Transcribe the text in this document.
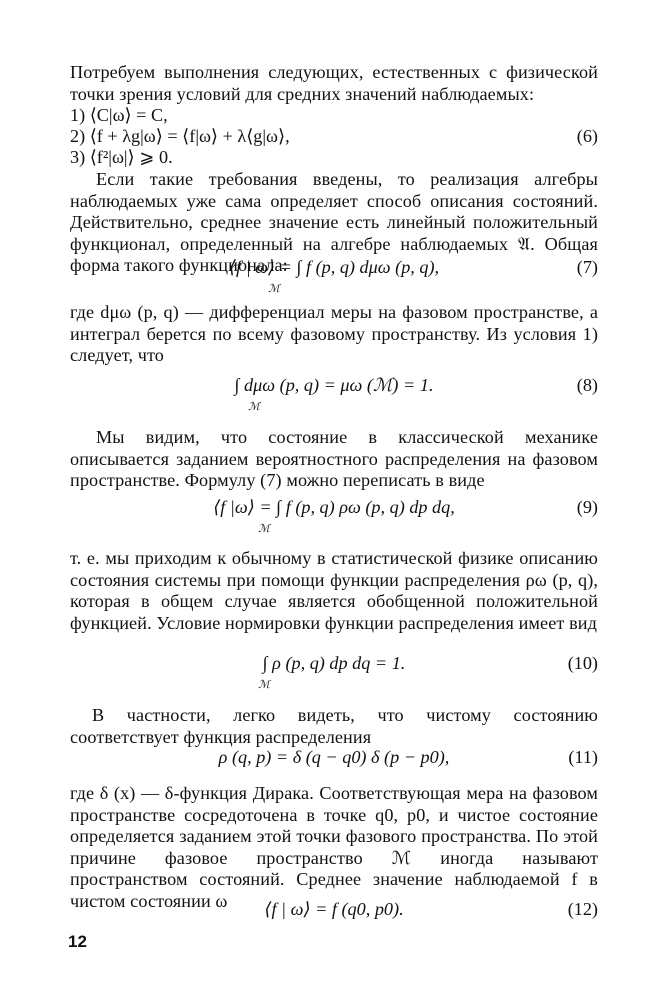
Потребуем выполнения следующих, естественных с физической точки зрения условий для средних значений наблюдаемых:
1) ⟨C|ω⟩ = C,
2) ⟨f + λg|ω⟩ = ⟨f|ω⟩ + λ⟨g|ω⟩,	(6)
3) ⟨f²|ω|⟩ ⩾ 0.
Если такие требования введены, то реализация алгебры наблюдаемых уже сама определяет способ описания состояний. Действительно, среднее значение есть линейный положительный функционал, определенный на алгебре наблюдаемых 𝔄. Общая форма такого функционала:
⟨f | ω⟩ = ∫ f (p, q) dμω (p, q),
ℳ
(7)
где dμω (p, q) — дифференциал меры на фазовом пространстве, а интеграл берется по всему фазовому пространству. Из условия 1) следует, что
∫ dμω (p, q) = μω (ℳ) = 1.
ℳ
(8)
Мы видим, что состояние в классической механике описывается заданием вероятностного распределения на фазовом пространстве. Формулу (7) можно переписать в виде
⟨f |ω⟩ = ∫ f (p, q) ρω (p, q) dp dq,
ℳ
(9)
т. е. мы приходим к обычному в статистической физике описанию состояния системы при помощи функции распределения ρω (p, q), которая в общем случае является обобщенной положительной функцией. Условие нормировки функции распределения имеет вид
∫ ρ (p, q) dp dq = 1.
ℳ
(10)
В частности, легко видеть, что чистому состоянию соответствует функция распределения
ρ (q, p) = δ (q − q0) δ (p − p0),	(11)
где δ (x) — δ-функция Дирака. Соответствующая мера на фазовом пространстве сосредоточена в точке q0, p0, и чистое состояние определяется заданием этой точки фазового пространства. По этой причине фазовое пространство ℳ иногда называют пространством состояний. Среднее значение наблюдаемой f в чистом состоянии ω	⟨f | ω⟩ = f (q0, p0).	(12)
12
